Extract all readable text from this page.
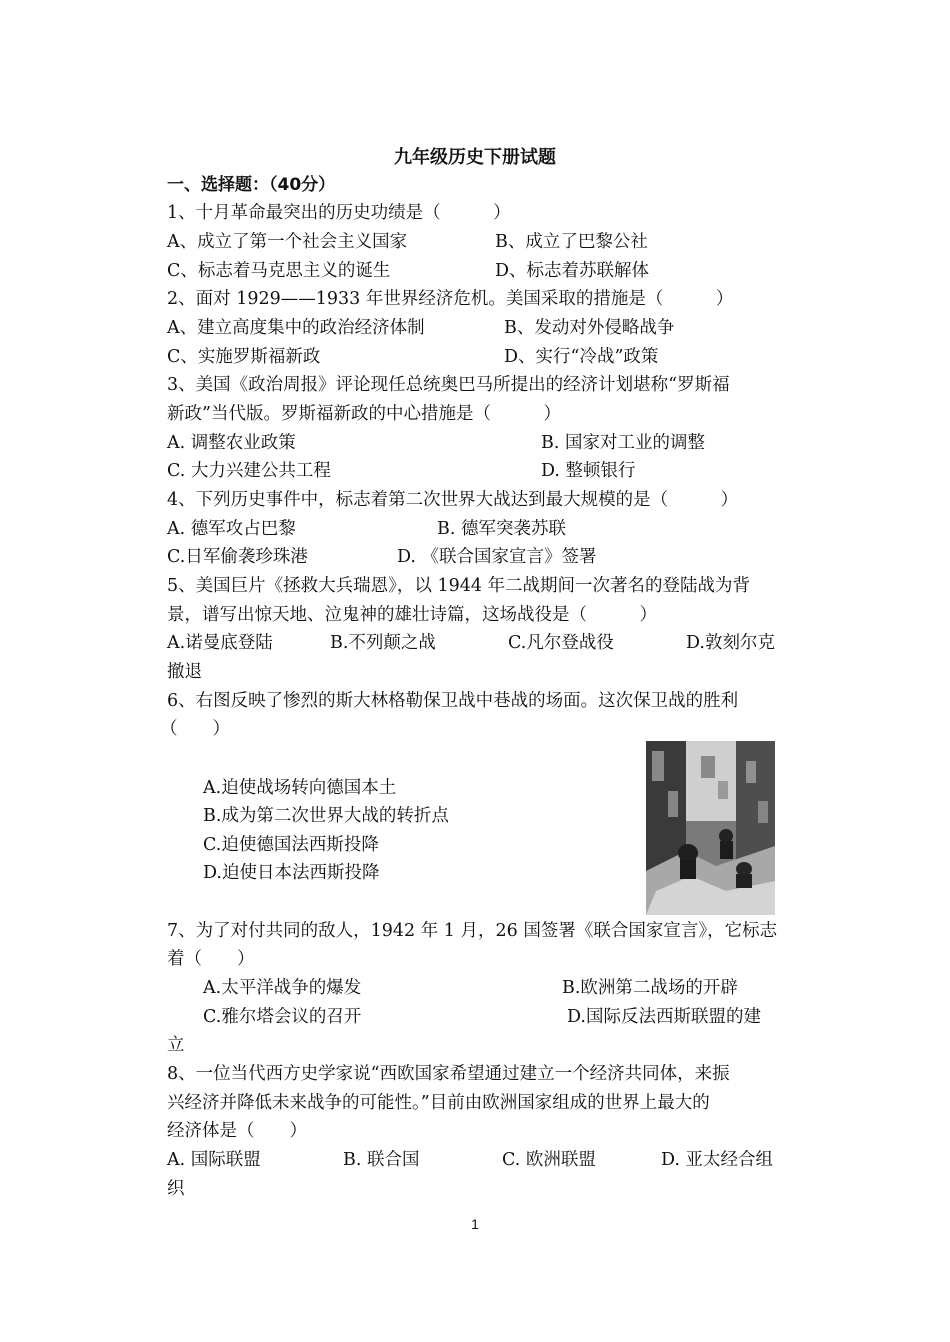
九年级历史下册试题
一、选择题：（40分）
1、十月革命最突出的历史功绩是（　　　）
A、成立了第一个社会主义国家	B、成立了巴黎公社
C、标志着马克思主义的诞生	D、标志着苏联解体
2、面对 1929——1933 年世界经济危机。美国采取的措施是（　　　）
A、建立高度集中的政治经济体制	B、发动对外侵略战争
C、实施罗斯福新政	D、实行“冷战”政策
3、美国《政治周报》评论现任总统奥巴马所提出的经济计划堪称“罗斯福
新政”当代版。罗斯福新政的中心措施是（　　　）
A. 调整农业政策	B. 国家对工业的调整
C. 大力兴建公共工程	D. 整顿银行
4、下列历史事件中，标志着第二次世界大战达到最大规模的是（　　　）
A. 德军攻占巴黎	B. 德军突袭苏联
C.日军偷袭珍珠港	D. 《联合国家宣言》签署
5、美国巨片《拯救大兵瑞恩》，以 1944 年二战期间一次著名的登陆战为背
景，谱写出惊天地、泣鬼神的雄壮诗篇，这场战役是（　　　）
A.诺曼底登陆	B.不列颠之战	C.凡尔登战役	D.敦刻尔克
撤退
6、右图反映了惨烈的斯大林格勒保卫战中巷战的场面。这次保卫战的胜利
（　　）
A.迫使战场转向德国本土
B.成为第二次世界大战的转折点
C.迫使德国法西斯投降
D.迫使日本法西斯投降
7、为了对付共同的敌人，1942 年 1 月，26 国签署《联合国家宣言》，它标志
着（　　）
A.太平洋战争的爆发	B.欧洲第二战场的开辟
C.雅尔塔会议的召开	D.国际反法西斯联盟的建
立
8、一位当代西方史学家说“西欧国家希望通过建立一个经济共同体，来振
兴经济并降低未来战争的可能性。”目前由欧洲国家组成的世界上最大的
经济体是（　　）
A. 国际联盟	B. 联合国	C. 欧洲联盟	D. 亚太经合组
织
1
